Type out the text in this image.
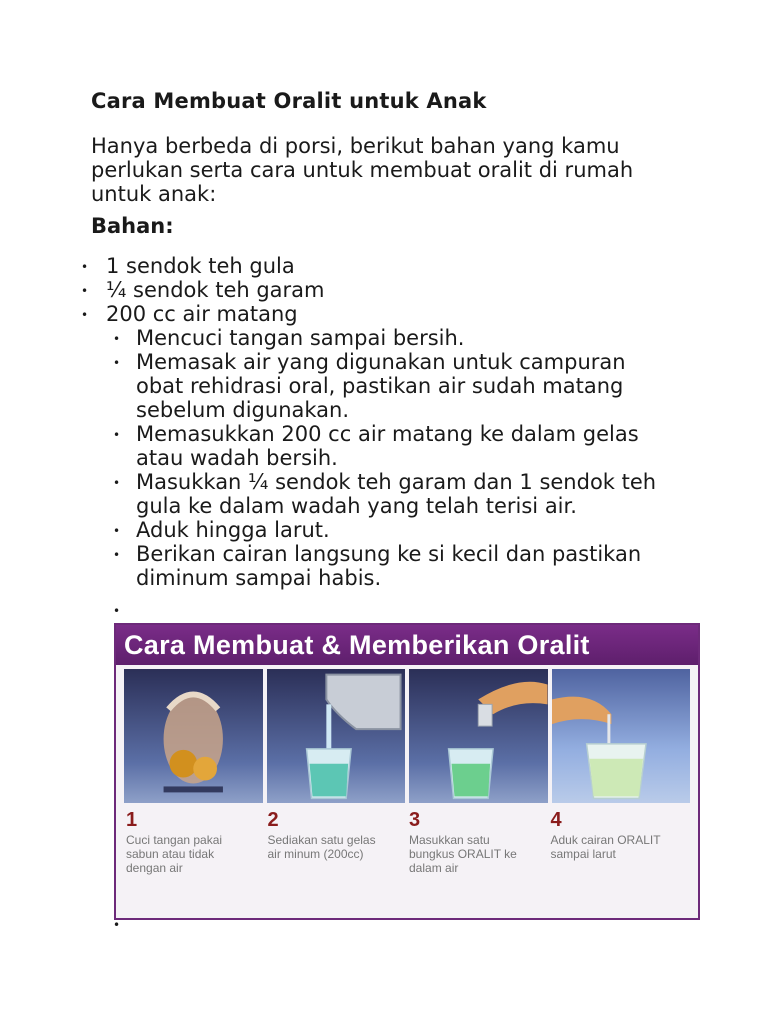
Cara Membuat Oralit untuk Anak

Hanya berbeda di porsi, berikut bahan yang kamu perlukan serta cara untuk membuat oralit di rumah untuk anak:

Bahan:

• 1 sendok teh gula
• ¼ sendok teh garam
• 200 cc air matang
• Mencuci tangan sampai bersih.
• Memasak air yang digunakan untuk campuran obat rehidrasi oral, pastikan air sudah matang sebelum digunakan.
• Memasukkan 200 cc air matang ke dalam gelas atau wadah bersih.
• Masukkan ¼ sendok teh garam dan 1 sendok teh gula ke dalam wadah yang telah terisi air.
• Aduk hingga larut.
• Berikan cairan langsung ke si kecil dan pastikan diminum sampai habis.
•
Cara Membuat & Memberikan Oralit
1
Cuci tangan pakai sabun atau tidak dengan air
2
Sediakan satu gelas air minum (200cc)
3
Masukkan satu bungkus ORALIT ke dalam air
4
Aduk cairan ORALIT sampai larut
•
